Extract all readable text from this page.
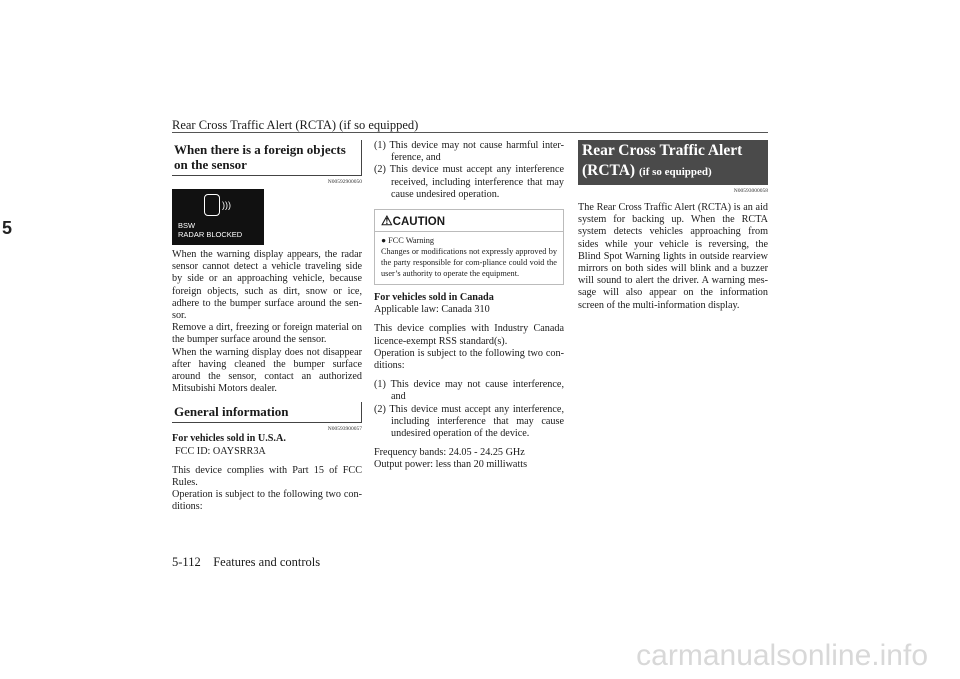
Rear Cross Traffic Alert (RCTA) (if so equipped)
5
When there is a foreign objects on the sensor
N00592900050
)))
BSW
RADAR BLOCKED

When the warning display appears, the radar sensor cannot detect a vehicle traveling side by side or an approaching vehicle, because foreign objects, such as dirt, snow or ice, adhere to the bumper surface around the sen-sor.

Remove a dirt, freezing or foreign material on the bumper surface around the sensor.

When the warning display does not disappear after having cleaned the bumper surface around the sensor, contact an authorized Mitsubishi Motors dealer.

General information
N00593900057

For vehicles sold in U.S.A.

FCC ID: OAYSRR3A

This device complies with Part 15 of FCC Rules.

Operation is subject to the following two con-ditions:

(1) This device may not cause harmful inter-ference, and

(2) This device must accept any interference received, including interference that may cause undesired operation.

⚠CAUTION
● FCC Warning
Changes or modifications not expressly approved by the party responsible for com-pliance could void the user’s authority to operate the equipment.

For vehicles sold in Canada

Applicable law: Canada 310

This device complies with Industry Canada licence-exempt RSS standard(s).

Operation is subject to the following two con-ditions:

(1) This device may not cause interference, and

(2) This device must accept any interference, including interference that may cause undesired operation of the device.

Frequency bands: 24.05 - 24.25 GHz

Output power: less than 20 milliwatts

Rear Cross Traffic Alert (RCTA) (if so equipped)
N00593000058

The Rear Cross Traffic Alert (RCTA) is an aid system for backing up. When the RCTA system detects vehicles approaching from sides while your vehicle is reversing, the Blind Spot Warning lights in outside rearview mirrors on both sides will blink and a buzzer will sound to alert the driver. A warning mes-sage will also appear on the information screen of the multi-information display.

5-112    Features and controls
carmanualsonline.info
